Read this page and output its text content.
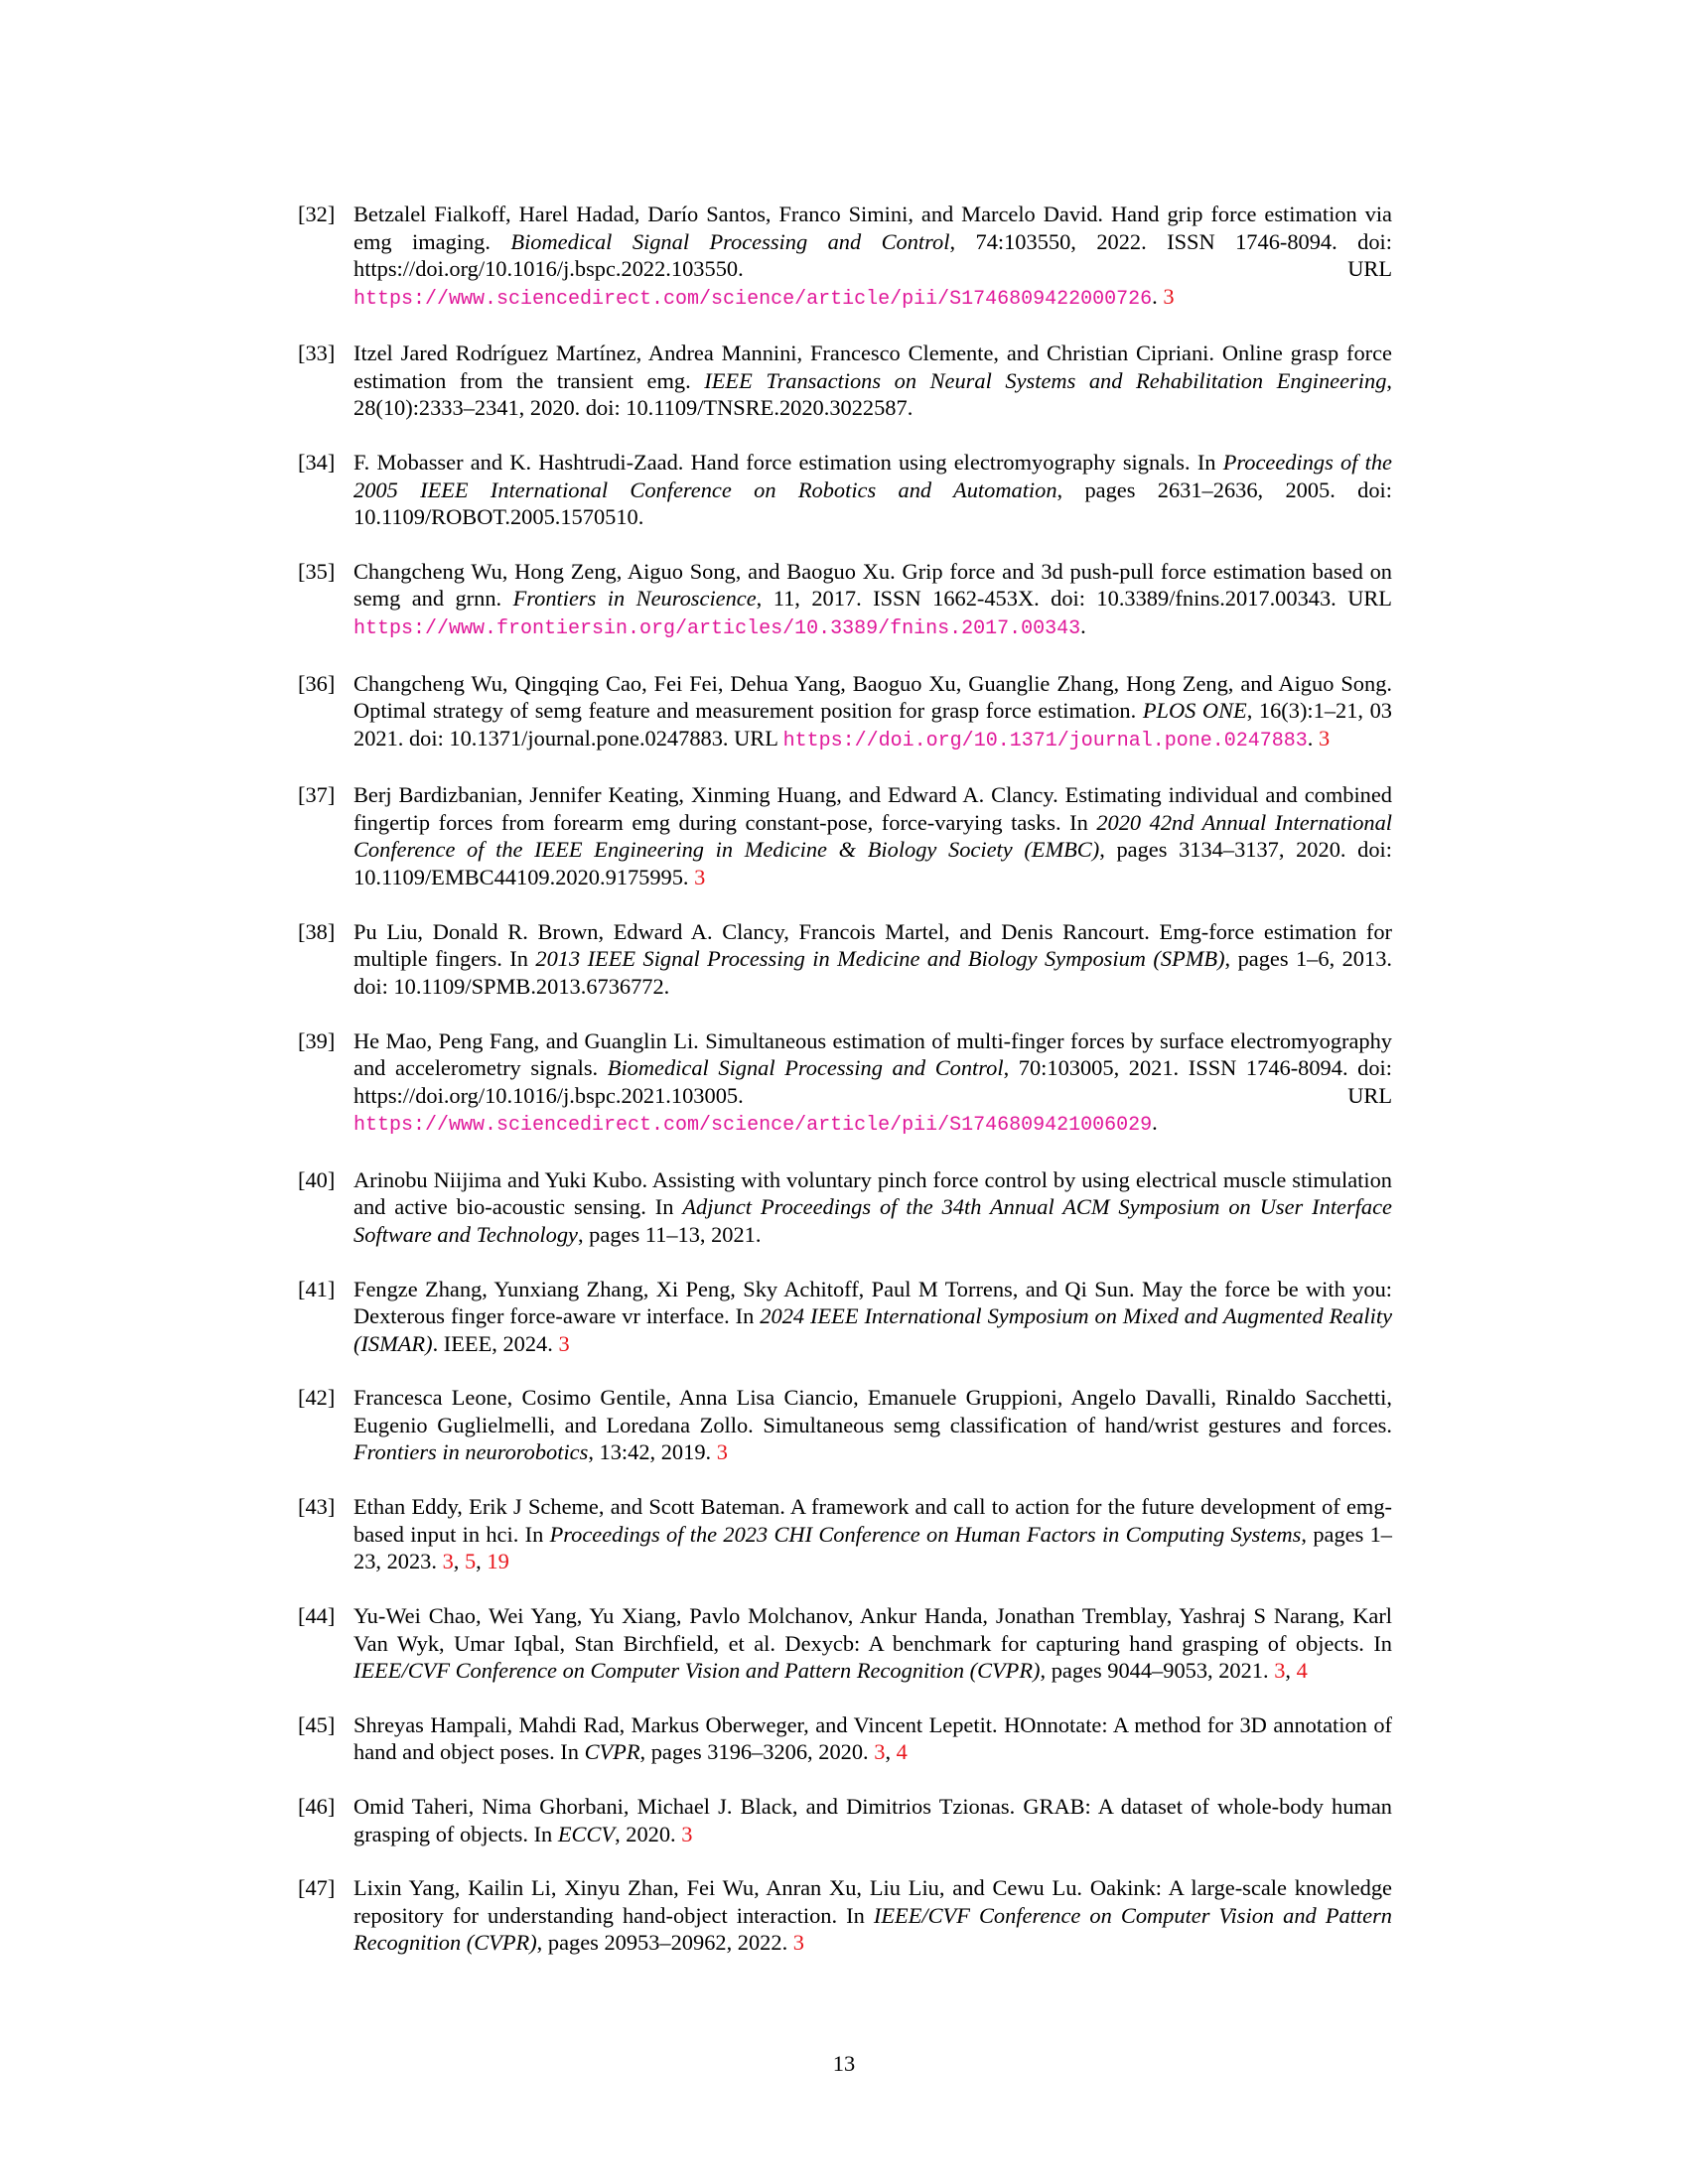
[32] Betzalel Fialkoff, Harel Hadad, Darío Santos, Franco Simini, and Marcelo David. Hand grip force estimation via emg imaging. Biomedical Signal Processing and Control, 74:103550, 2022. ISSN 1746-8094. doi: https://doi.org/10.1016/j.bspc.2022.103550. URL https://www.sciencedirect.com/science/article/pii/S1746809422000726. 3
[33] Itzel Jared Rodríguez Martínez, Andrea Mannini, Francesco Clemente, and Christian Cipriani. Online grasp force estimation from the transient emg. IEEE Transactions on Neural Systems and Rehabilitation Engineering, 28(10):2333–2341, 2020. doi: 10.1109/TNSRE.2020.3022587.
[34] F. Mobasser and K. Hashtrudi-Zaad. Hand force estimation using electromyography signals. In Proceedings of the 2005 IEEE International Conference on Robotics and Automation, pages 2631–2636, 2005. doi: 10.1109/ROBOT.2005.1570510.
[35] Changcheng Wu, Hong Zeng, Aiguo Song, and Baoguo Xu. Grip force and 3d push-pull force estimation based on semg and grnn. Frontiers in Neuroscience, 11, 2017. ISSN 1662-453X. doi: 10.3389/fnins.2017.00343. URL https://www.frontiersin.org/articles/10.3389/fnins.2017.00343.
[36] Changcheng Wu, Qingqing Cao, Fei Fei, Dehua Yang, Baoguo Xu, Guanglie Zhang, Hong Zeng, and Aiguo Song. Optimal strategy of semg feature and measurement position for grasp force estimation. PLOS ONE, 16(3):1–21, 03 2021. doi: 10.1371/journal.pone.0247883. URL https://doi.org/10.1371/journal.pone.0247883. 3
[37] Berj Bardizbanian, Jennifer Keating, Xinming Huang, and Edward A. Clancy. Estimating individual and combined fingertip forces from forearm emg during constant-pose, force-varying tasks. In 2020 42nd Annual International Conference of the IEEE Engineering in Medicine & Biology Society (EMBC), pages 3134–3137, 2020. doi: 10.1109/EMBC44109.2020.9175995. 3
[38] Pu Liu, Donald R. Brown, Edward A. Clancy, Francois Martel, and Denis Rancourt. Emg-force estimation for multiple fingers. In 2013 IEEE Signal Processing in Medicine and Biology Symposium (SPMB), pages 1–6, 2013. doi: 10.1109/SPMB.2013.6736772.
[39] He Mao, Peng Fang, and Guanglin Li. Simultaneous estimation of multi-finger forces by surface electromyography and accelerometry signals. Biomedical Signal Processing and Control, 70:103005, 2021. ISSN 1746-8094. doi: https://doi.org/10.1016/j.bspc.2021.103005. URL https://www.sciencedirect.com/science/article/pii/S1746809421006029.
[40] Arinobu Niijima and Yuki Kubo. Assisting with voluntary pinch force control by using electrical muscle stimulation and active bio-acoustic sensing. In Adjunct Proceedings of the 34th Annual ACM Symposium on User Interface Software and Technology, pages 11–13, 2021.
[41] Fengze Zhang, Yunxiang Zhang, Xi Peng, Sky Achitoff, Paul M Torrens, and Qi Sun. May the force be with you: Dexterous finger force-aware vr interface. In 2024 IEEE International Symposium on Mixed and Augmented Reality (ISMAR). IEEE, 2024. 3
[42] Francesca Leone, Cosimo Gentile, Anna Lisa Ciancio, Emanuele Gruppioni, Angelo Davalli, Rinaldo Sacchetti, Eugenio Guglielmelli, and Loredana Zollo. Simultaneous semg classification of hand/wrist gestures and forces. Frontiers in neurorobotics, 13:42, 2019. 3
[43] Ethan Eddy, Erik J Scheme, and Scott Bateman. A framework and call to action for the future development of emg-based input in hci. In Proceedings of the 2023 CHI Conference on Human Factors in Computing Systems, pages 1–23, 2023. 3, 5, 19
[44] Yu-Wei Chao, Wei Yang, Yu Xiang, Pavlo Molchanov, Ankur Handa, Jonathan Tremblay, Yashraj S Narang, Karl Van Wyk, Umar Iqbal, Stan Birchfield, et al. Dexycb: A benchmark for capturing hand grasping of objects. In IEEE/CVF Conference on Computer Vision and Pattern Recognition (CVPR), pages 9044–9053, 2021. 3, 4
[45] Shreyas Hampali, Mahdi Rad, Markus Oberweger, and Vincent Lepetit. HOnnotate: A method for 3D annotation of hand and object poses. In CVPR, pages 3196–3206, 2020. 3, 4
[46] Omid Taheri, Nima Ghorbani, Michael J. Black, and Dimitrios Tzionas. GRAB: A dataset of whole-body human grasping of objects. In ECCV, 2020. 3
[47] Lixin Yang, Kailin Li, Xinyu Zhan, Fei Wu, Anran Xu, Liu Liu, and Cewu Lu. Oakink: A large-scale knowledge repository for understanding hand-object interaction. In IEEE/CVF Conference on Computer Vision and Pattern Recognition (CVPR), pages 20953–20962, 2022. 3
13
